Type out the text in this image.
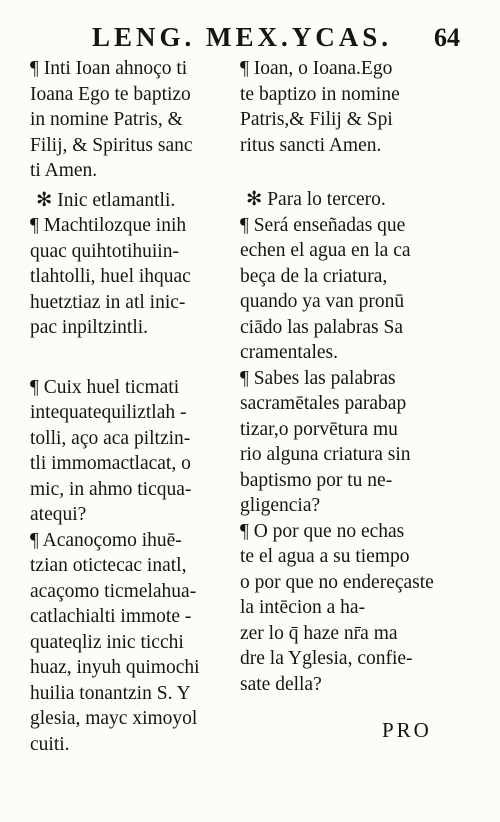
LENG. MEX.YCAS. 64
¶ Inti Ioan ahnoço ti
Ioana Ego te baptizo
in nomine Patris, &
Filij, & Spiritus sanc
ti Amen.
✻ Inic etlamantli.
¶ Machtilozque inih
quac quihtotihuiin-
tlahtolli, huel ihquac
huetztiaz in atl inic-
pac inpiltzintli.
¶ Cuix huel ticmati
intequatequiliztlah -
tolli, aço aca piltzin-
tli immomactlacat, o
mic, in ahmo ticqua-
atequi?
¶ Acanoçomo ihuē-
tzian otictecac inatl,
acaçomo ticmelahua-
catlachialti immote -
quateqliz inic ticchi
huaz, inyuh quimochi
huilia tonantzin S. Y
glesia, mayc ximoyol
cuiti.
¶ Ioan, o Ioana.Ego
te baptizo in nomine
Patris,& Filij & Spi
ritus sancti Amen.
✻ Para lo tercero.
¶ Será enseñadas que
echen el agua en la ca
beça de la criatura,
quando ya van pronū
ciādo las palabras Sa
cramentales.
¶ Sabes las palabras
sacramētales parabap
tizar,o porvētura mu
rio alguna criatura sin
baptismo por tu ne-
gligencia?
¶ O por que no echas
te el agua a su tiempo
o por que no endereçaste
la intēcion a ha-
zer lo q̄ haze nr̄a ma
dre la Yglesia, confie-
sate della?
PRO
